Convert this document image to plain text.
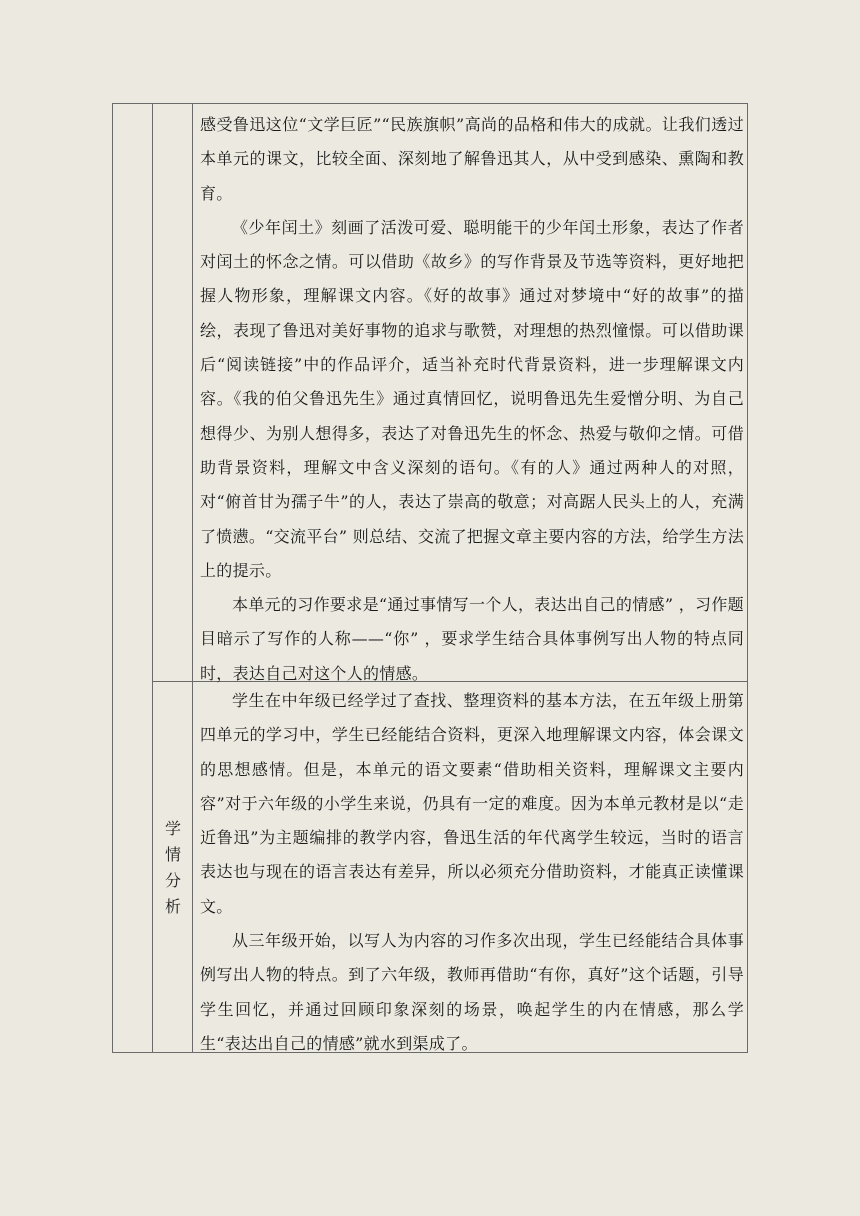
感受鲁迅这位“文学巨匠”“民族旗帜”高尚的品格和伟大的成就。让我们透过本单元的课文，比较全面、深刻地了解鲁迅其人，从中受到感染、熏陶和教育。

《少年闰土》刻画了活泼可爱、聪明能干的少年闰土形象，表达了作者对闰土的怀念之情。可以借助《故乡》的写作背景及节选等资料，更好地把握人物形象，理解课文内容。《好的故事》通过对梦境中“好的故事”的描绘，表现了鲁迅对美好事物的追求与歌赞，对理想的热烈憧憬。可以借助课后“阅读链接”中的作品评介，适当补充时代背景资料，进一步理解课文内容。《我的伯父鲁迅先生》通过真情回忆，说明鲁迅先生爱憎分明、为自己想得少、为别人想得多，表达了对鲁迅先生的怀念、热爱与敬仰之情。可借助背景资料，理解文中含义深刻的语句。《有的人》通过两种人的对照，对“俯首甘为孺子牛”的人，表达了崇高的敬意；对高踞人民头上的人，充满了愤懑。“交流平台” 则总结、交流了把握文章主要内容的方法，给学生方法上的提示。

本单元的习作要求是“通过事情写一个人，表达出自己的情感” ，习作题目暗示了写作的人称——“你” ，要求学生结合具体事例写出人物的特点同时，表达自己对这个人的情感。

学
情
分
析

学生在中年级已经学过了查找、整理资料的基本方法，在五年级上册第四单元的学习中，学生已经能结合资料，更深入地理解课文内容，体会课文的思想感情。但是，本单元的语文要素“借助相关资料，理解课文主要内容”对于六年级的小学生来说，仍具有一定的难度。因为本单元教材是以“走近鲁迅”为主题编排的教学内容，鲁迅生活的年代离学生较远，当时的语言表达也与现在的语言表达有差异，所以必须充分借助资料，才能真正读懂课文。

从三年级开始，以写人为内容的习作多次出现，学生已经能结合具体事例写出人物的特点。到了六年级，教师再借助“有你，真好”这个话题，引导学生回忆，并通过回顾印象深刻的场景，唤起学生的内在情感，那么学生“表达出自己的情感”就水到渠成了。
